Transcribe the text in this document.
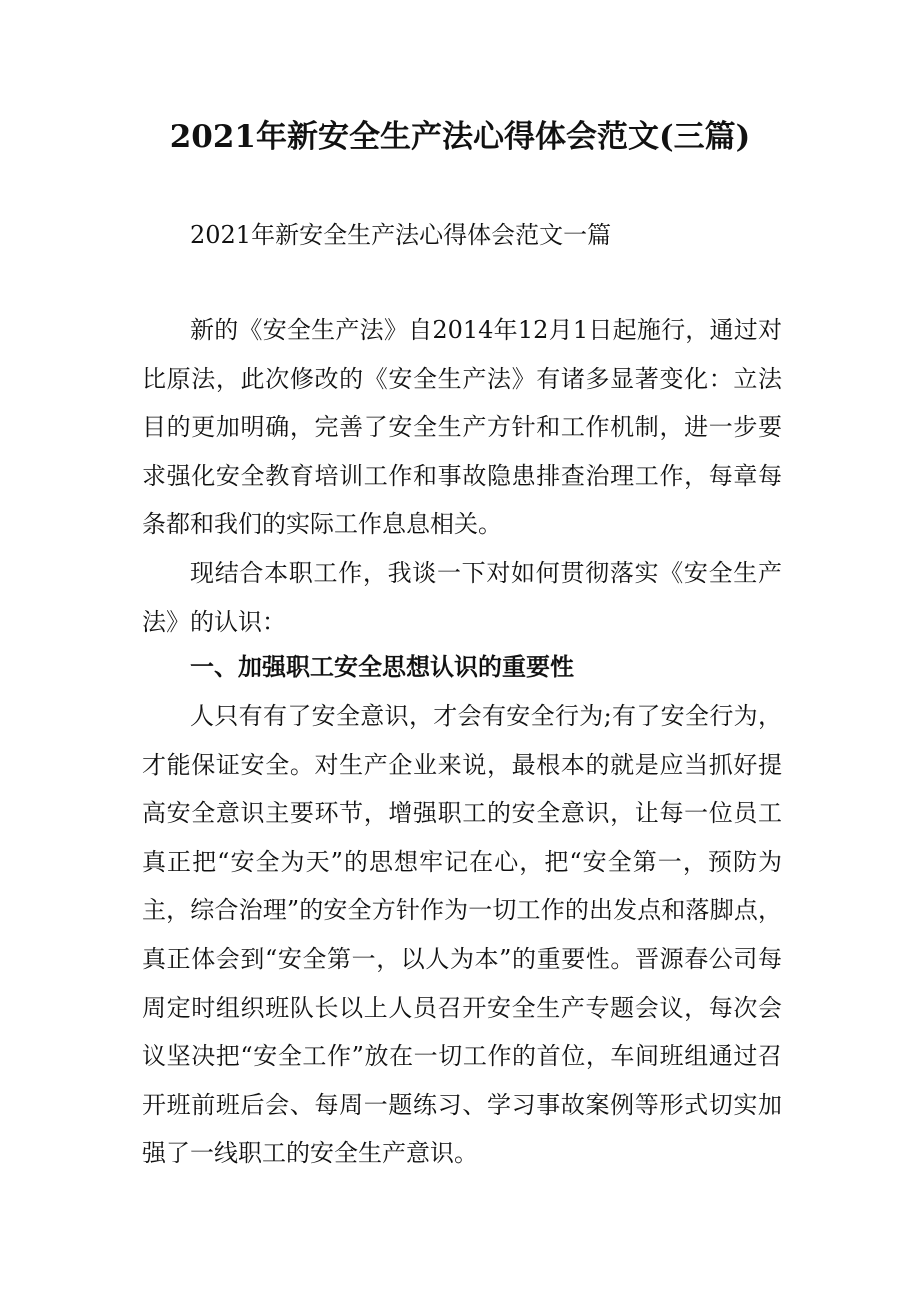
2021年新安全生产法心得体会范文(三篇)
2021年新安全生产法心得体会范文一篇

新的《安全生产法》自2014年12月1日起施行，通过对比原法，此次修改的《安全生产法》有诸多显著变化：立法目的更加明确，完善了安全生产方针和工作机制，进一步要求强化安全教育培训工作和事故隐患排查治理工作，每章每条都和我们的实际工作息息相关。

现结合本职工作，我谈一下对如何贯彻落实《安全生产法》的认识：

一、加强职工安全思想认识的重要性

人只有有了安全意识，才会有安全行为;有了安全行为，才能保证安全。对生产企业来说，最根本的就是应当抓好提高安全意识主要环节，增强职工的安全意识，让每一位员工真正把“安全为天”的思想牢记在心，把“安全第一，预防为主，综合治理”的安全方针作为一切工作的出发点和落脚点，真正体会到“安全第一，以人为本”的重要性。晋源春公司每周定时组织班队长以上人员召开安全生产专题会议，每次会议坚决把“安全工作”放在一切工作的首位，车间班组通过召开班前班后会、每周一题练习、学习事故案例等形式切实加强了一线职工的安全生产意识。
